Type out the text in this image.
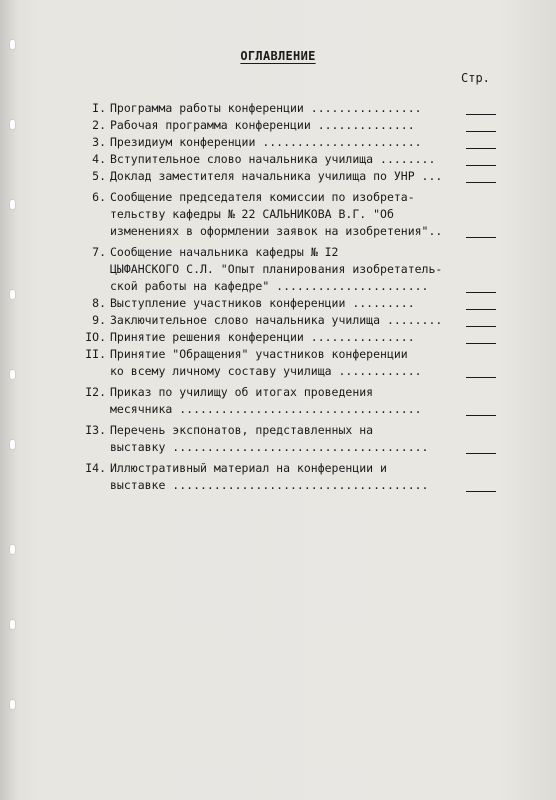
ОГЛАВЛЕНИЕ
Стр.
I. Программа работы конференции ................
2. Рабочая программа конференции ..............
3. Президиум конференции .......................
4. Вступительное слово начальника училища ........
5. Доклад заместителя начальника училища по УНР ...
6. Сообщение председателя комиссии по изобрета-
тельству кафедры № 22 САЛЬНИКОВА В.Г. "Об
изменениях в оформлении заявок на изобретения"..
7. Сообщение начальника кафедры № I2
ЦЫФАНСКОГО С.Л. "Опыт планирования изобретатель-
ской работы на кафедре" ......................
8. Выступление участников конференции .........
9. Заключительное слово начальника училища ........
IO. Принятие решения конференции ...............
II. Принятие "Обращения" участников конференции
ко всему личному составу училища ............
I2. Приказ по училищу об итогах проведения
месячника ...................................
I3. Перечень экспонатов, представленных на
выставку .....................................
I4. Иллюстративный материал на конференции и
выставке .....................................
